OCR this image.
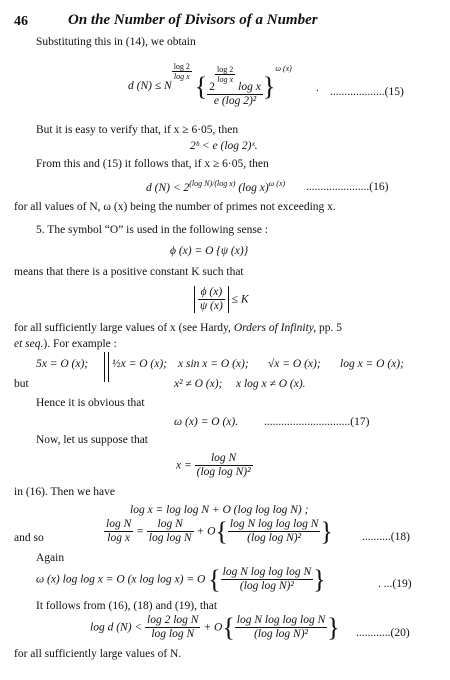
46	On the Number of Divisors of a Number
Substituting this in (14), we obtain
d (N) ≤ N
$\frac{\log 2}{\text{log x}}$
{ 2
$\frac{\log 2}{\text{log x}}$
log x
e (log 2)² }$^{\omega (x)}$
. ...................(15)
But it is easy to verify that, if x ≥ 6·05, then
2ʰ < e (log 2)ˣ.
From this and (15) it follows that, if x ≥ 6·05, then
d $(N) < 2^{(log N)/(log x)}$ (log x)$^{\omega (x)}$ ......................(16)
for all values of N, ω (x) being the number of primes not exceeding x.
5. The symbol “O” is used in the following sense :
ϕ (x) = O {ψ (x)}
means that there is a positive constant K such that
$\frac{\phi (x)}{\psi (x)} \le K$
for all sufficiently large values of x (see Hardy, Orders of Infinity, pp. 5
et seq.). For example :
5x = O (x); ½x = O (x); x sin x = O (x); √x = O (x); log x = O (x);
but	x² ≠ O (x); x log x ≠ O (x).
Hence it is obvious that
ω (x) = O (x). ..............................(17)
Now, let us suppose that
$x = \frac{\text{log N}}{\text{(log log N)²}}$
in (16). Then we have
log x = log log N + O (log log log N) ;
and so	$\frac{\text{log N}}{\text{log x}} = \frac{\text{log N}}{\text{log log N}} + O\{ \frac{\text{log N log log log N}}{\text{(log log N)²}}$ }	..........(18)
Again
ω (x) log log x = O (x log log x) = O { $\frac{\text{log N log log log N}}{\text{(log log N)²}}$ }	. ...(19)
It follows from (16), (18) and (19), that
log d $(N) < \frac{\text{log 2 log N}}{\text{log log N}} + O\{ \frac{\text{log N log log log N}}{\text{(log log N)²}}$ } ............(20)
for all sufficiently large values of N.
